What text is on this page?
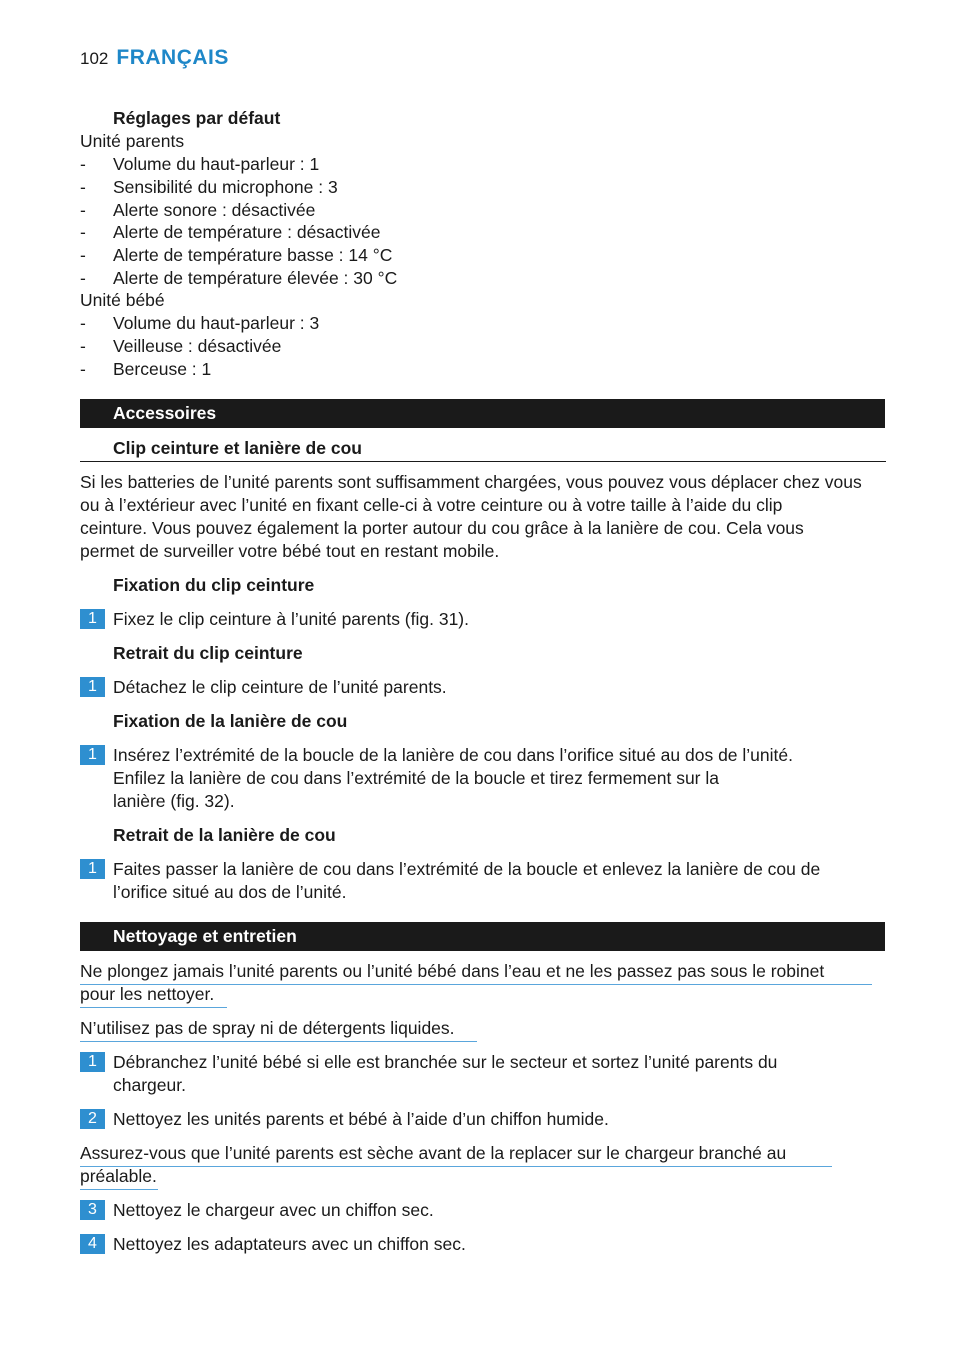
102 FRANÇAIS
Réglages par défaut
Unité parents
- Volume du haut-parleur : 1
- Sensibilité du microphone : 3
- Alerte sonore : désactivée
- Alerte de température : désactivée
- Alerte de température basse : 14 °C
- Alerte de température élevée : 30 °C
Unité bébé
- Volume du haut-parleur : 3
- Veilleuse : désactivée
- Berceuse : 1
Accessoires
Clip ceinture et lanière de cou
Si les batteries de l’unité parents sont suffisamment chargées, vous pouvez vous déplacer chez vous
ou à l’extérieur avec l’unité en fixant celle-ci à votre ceinture ou à votre taille à l’aide du clip
ceinture. Vous pouvez également la porter autour du cou grâce à la lanière de cou. Cela vous
permet de surveiller votre bébé tout en restant mobile.
Fixation du clip ceinture
1 Fixez le clip ceinture à l’unité parents (fig. 31).
Retrait du clip ceinture
1 Détachez le clip ceinture de l’unité parents.
Fixation de la lanière de cou
1 Insérez l’extrémité de la boucle de la lanière de cou dans l’orifice situé au dos de l’unité.
Enfilez la lanière de cou dans l’extrémité de la boucle et tirez fermement sur la
lanière (fig. 32).
Retrait de la lanière de cou
1 Faites passer la lanière de cou dans l’extrémité de la boucle et enlevez la lanière de cou de
l’orifice situé au dos de l’unité.
Nettoyage et entretien
Ne plongez jamais l’unité parents ou l’unité bébé dans l’eau et ne les passez pas sous le robinet
pour les nettoyer.
N’utilisez pas de spray ni de détergents liquides.
1 Débranchez l’unité bébé si elle est branchée sur le secteur et sortez l’unité parents du
chargeur.
2 Nettoyez les unités parents et bébé à l’aide d’un chiffon humide.
Assurez-vous que l’unité parents est sèche avant de la replacer sur le chargeur branché au
préalable.
3 Nettoyez le chargeur avec un chiffon sec.
4 Nettoyez les adaptateurs avec un chiffon sec.
